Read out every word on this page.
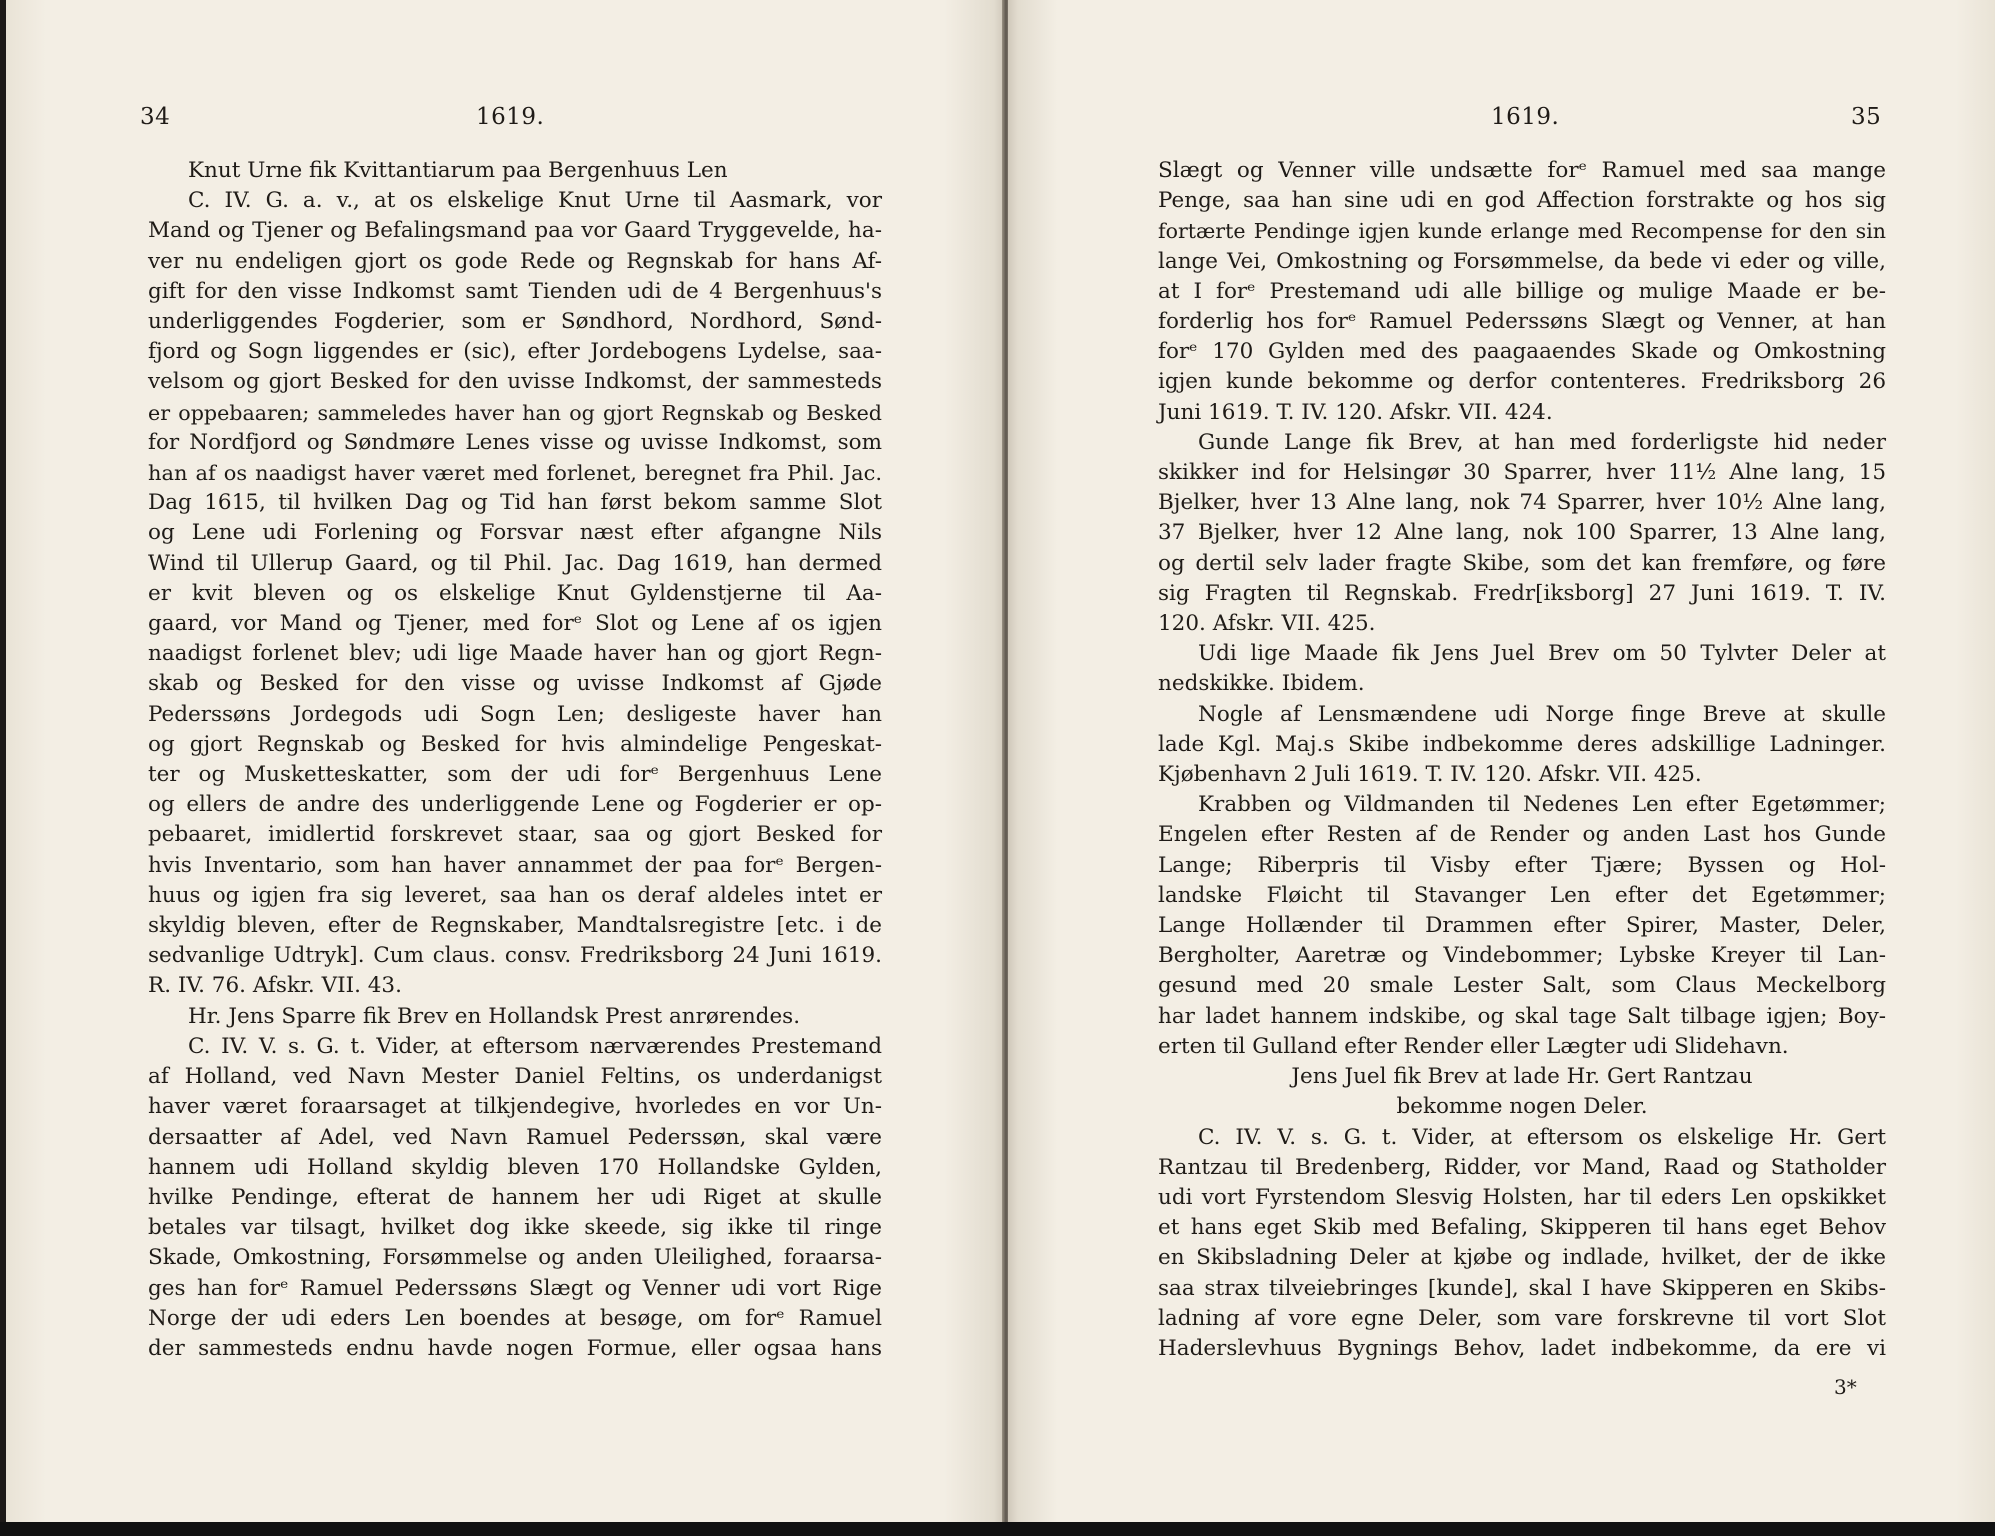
34	1619.
Knut Urne fik Kvittantiarum paa Bergenhuus Len
C. IV. G. a. v., at os elskelige Knut Urne til Aasmark, vor
Mand og Tjener og Befalingsmand paa vor Gaard Tryggevelde, ha-
ver nu endeligen gjort os gode Rede og Regnskab for hans Af-
gift for den visse Indkomst samt Tienden udi de 4 Bergenhuus's
underliggendes Fogderier, som er Søndhord, Nordhord, Sønd-
fjord og Sogn liggendes er (sic), efter Jordebogens Lydelse, saa-
velsom og gjort Besked for den uvisse Indkomst, der sammesteds
er oppebaaren; sammeledes haver han og gjort Regnskab og Besked
for Nordfjord og Søndmøre Lenes visse og uvisse Indkomst, som
han af os naadigst haver været med forlenet, beregnet fra Phil. Jac.
Dag 1615, til hvilken Dag og Tid han først bekom samme Slot
og Lene udi Forlening og Forsvar næst efter afgangne Nils
Wind til Ullerup Gaard, og til Phil. Jac. Dag 1619, han dermed
er kvit bleven og os elskelige Knut Gyldenstjerne til Aa-
gaard, vor Mand og Tjener, med forᵉ Slot og Lene af os igjen
naadigst forlenet blev; udi lige Maade haver han og gjort Regn-
skab og Besked for den visse og uvisse Indkomst af Gjøde
Pederssøns Jordegods udi Sogn Len; desligeste haver han
og gjort Regnskab og Besked for hvis almindelige Pengeskat-
ter og Musketteskatter, som der udi forᵉ Bergenhuus Lene
og ellers de andre des underliggende Lene og Fogderier er op-
pebaaret, imidlertid forskrevet staar, saa og gjort Besked for
hvis Inventario, som han haver annammet der paa forᵉ Bergen-
huus og igjen fra sig leveret, saa han os deraf aldeles intet er
skyldig bleven, efter de Regnskaber, Mandtalsregistre [etc. i de
sedvanlige Udtryk]. Cum claus. consv. Fredriksborg 24 Juni 1619.
R. IV. 76. Afskr. VII. 43.
Hr. Jens Sparre fik Brev en Hollandsk Prest anrørendes.
C. IV. V. s. G. t. Vider, at eftersom nærværendes Prestemand
af Holland, ved Navn Mester Daniel Feltins, os underdanigst
haver været foraarsaget at tilkjendegive, hvorledes en vor Un-
dersaatter af Adel, ved Navn Ramuel Pederssøn, skal være
hannem udi Holland skyldig bleven 170 Hollandske Gylden,
hvilke Pendinge, efterat de hannem her udi Riget at skulle
betales var tilsagt, hvilket dog ikke skeede, sig ikke til ringe
Skade, Omkostning, Forsømmelse og anden Uleilighed, foraarsa-
ges han forᵉ Ramuel Pederssøns Slægt og Venner udi vort Rige
Norge der udi eders Len boendes at besøge, om forᵉ Ramuel
der sammesteds endnu havde nogen Formue, eller ogsaa hans
1619.	35
Slægt og Venner ville undsætte forᵉ Ramuel med saa mange
Penge, saa han sine udi en god Affection forstrakte og hos sig
fortærte Pendinge igjen kunde erlange med Recompense for den sin
lange Vei, Omkostning og Forsømmelse, da bede vi eder og ville,
at I forᵉ Prestemand udi alle billige og mulige Maade er be-
forderlig hos forᵉ Ramuel Pederssøns Slægt og Venner, at han
forᵉ 170 Gylden med des paagaaendes Skade og Omkostning
igjen kunde bekomme og derfor contenteres. Fredriksborg 26
Juni 1619. T. IV. 120. Afskr. VII. 424.
Gunde Lange fik Brev, at han med forderligste hid neder
skikker ind for Helsingør 30 Sparrer, hver 11½ Alne lang, 15
Bjelker, hver 13 Alne lang, nok 74 Sparrer, hver 10½ Alne lang,
37 Bjelker, hver 12 Alne lang, nok 100 Sparrer, 13 Alne lang,
og dertil selv lader fragte Skibe, som det kan fremføre, og føre
sig Fragten til Regnskab. Fredr[iksborg] 27 Juni 1619. T. IV.
120. Afskr. VII. 425.
Udi lige Maade fik Jens Juel Brev om 50 Tylvter Deler at
nedskikke. Ibidem.
Nogle af Lensmændene udi Norge finge Breve at skulle
lade Kgl. Maj.s Skibe indbekomme deres adskillige Ladninger.
Kjøbenhavn 2 Juli 1619. T. IV. 120. Afskr. VII. 425.
Krabben og Vildmanden til Nedenes Len efter Egetømmer;
Engelen efter Resten af de Render og anden Last hos Gunde
Lange; Riberpris til Visby efter Tjære; Byssen og Hol-
landske Fløicht til Stavanger Len efter det Egetømmer;
Lange Hollænder til Drammen efter Spirer, Master, Deler,
Bergholter, Aaretræ og Vindebommer; Lybske Kreyer til Lan-
gesund med 20 smale Lester Salt, som Claus Meckelborg
har ladet hannem indskibe, og skal tage Salt tilbage igjen; Boy-
erten til Gulland efter Render eller Lægter udi Slidehavn.
Jens Juel fik Brev at lade Hr. Gert Rantzau
bekomme nogen Deler.
C. IV. V. s. G. t. Vider, at eftersom os elskelige Hr. Gert
Rantzau til Bredenberg, Ridder, vor Mand, Raad og Statholder
udi vort Fyrstendom Slesvig Holsten, har til eders Len opskikket
et hans eget Skib med Befaling, Skipperen til hans eget Behov
en Skibsladning Deler at kjøbe og indlade, hvilket, der de ikke
saa strax tilveiebringes [kunde], skal I have Skipperen en Skibs-
ladning af vore egne Deler, som vare forskrevne til vort Slot
Haderslevhuus Bygnings Behov, ladet indbekomme, da ere vi
3*
